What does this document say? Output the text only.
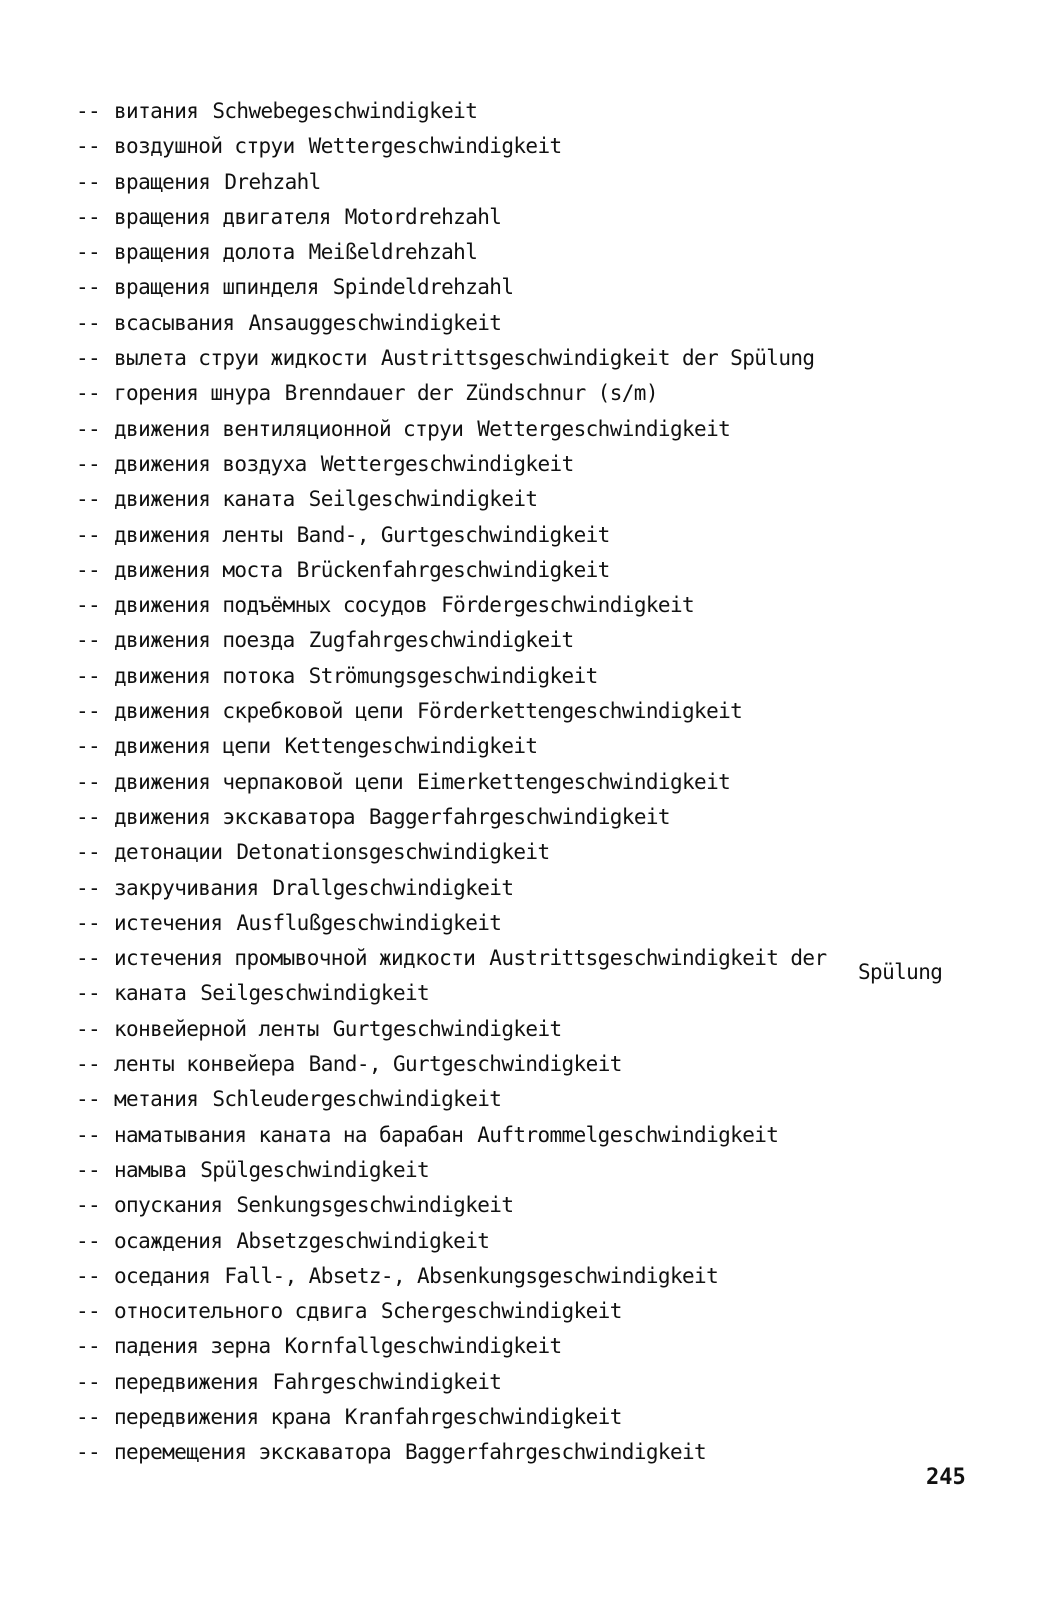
-- витания Schwebegeschwindigkeit
-- воздушной струи Wettergeschwindigkeit
-- вращения Drehzahl
-- вращения двигателя Motordrehzahl
-- вращения долота Meißeldrehzahl
-- вращения шпинделя Spindeldrehzahl
-- всасывания Ansauggeschwindigkeit
-- вылета струи жидкости Austrittsgeschwindigkeit der Spülung
-- горения шнура Brenndauer der Zündschnur (s/m)
-- движения вентиляционной струи Wettergeschwindigkeit
-- движения воздуха Wettergeschwindigkeit
-- движения каната Seilgeschwindigkeit
-- движения ленты Band-, Gurtgeschwindigkeit
-- движения моста Brückenfahrgeschwindigkeit
-- движения подъёмных сосудов Fördergeschwindigkeit
-- движения поезда Zugfahrgeschwindigkeit
-- движения потока Strömungsgeschwindigkeit
-- движения скребковой цепи Förderkettengeschwindigkeit
-- движения цепи Kettengeschwindigkeit
-- движения черпаковой цепи Eimerkettengeschwindigkeit
-- движения экскаватора Baggerfahrgeschwindigkeit
-- детонации Detonationsgeschwindigkeit
-- закручивания Drallgeschwindigkeit
-- истечения Ausflußgeschwindigkeit
-- истечения промывочной жидкости Austrittsgeschwindigkeit der
-- каната Seilgeschwindigkeit
-- конвейерной ленты Gurtgeschwindigkeit
-- ленты конвейера Band-, Gurtgeschwindigkeit
-- метания Schleudergeschwindigkeit
-- наматывания каната на барабан Auftrommelgeschwindigkeit
-- намыва Spülgeschwindigkeit
-- опускания Senkungsgeschwindigkeit
-- осаждения Absetzgeschwindigkeit
-- оседания Fall-, Absetz-, Absenkungsgeschwindigkeit
-- относительного сдвига Schergeschwindigkeit
-- падения зерна Kornfallgeschwindigkeit
-- передвижения Fahrgeschwindigkeit
-- передвижения крана Kranfahrgeschwindigkeit
-- перемещения экскаватора Baggerfahrgeschwindigkeit
Spülung
245
